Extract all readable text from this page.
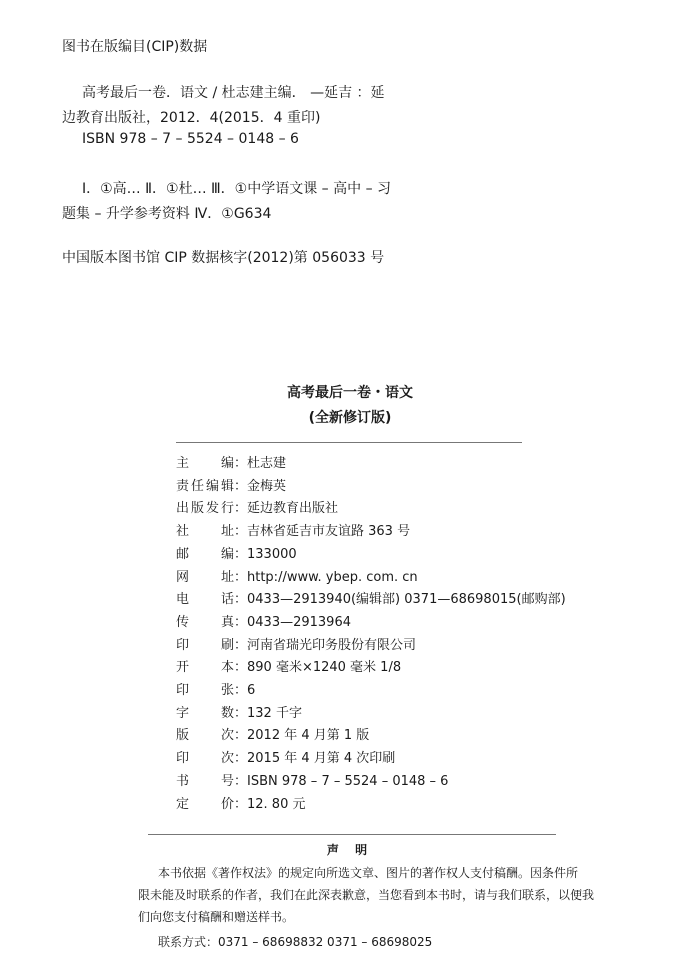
图书在版编目(CIP)数据
高考最后一卷．语文 / 杜志建主编． —延吉 ：延
边教育出版社，2012．4(2015．4 重印)
ISBN 978 – 7 – 5524 – 0148 – 6
Ⅰ．①高… Ⅱ．①杜… Ⅲ．①中学语文课 – 高中 – 习
题集 – 升学参考资料 Ⅳ．①G634
中国版本图书馆 CIP 数据核字(2012)第 056033 号
高考最后一卷・语文
(全新修订版)
主编：杜志建
责任编辑：金梅英
出版发行：延边教育出版社
社址：吉林省延吉市友谊路 363 号
邮编：133000
网址：http://www. ybep. com. cn
电话：0433—2913940(编辑部) 0371—68698015(邮购部)
传真：0433—2913964
印刷：河南省瑞光印务股份有限公司
开本：890 毫米×1240 毫米 1/8
印张：6
字数：132 千字
版次：2012 年 4 月第 1 版
印次：2015 年 4 月第 4 次印刷
书号：ISBN 978 – 7 – 5524 – 0148 – 6
定价：12. 80 元
声 明
本书依据《著作权法》的规定向所选文章、图片的著作权人支付稿酬。因条件所
限未能及时联系的作者，我们在此深表歉意，当您看到本书时，请与我们联系，以便我
们向您支付稿酬和赠送样书。
联系方式：0371 – 68698832 0371 – 68698025
